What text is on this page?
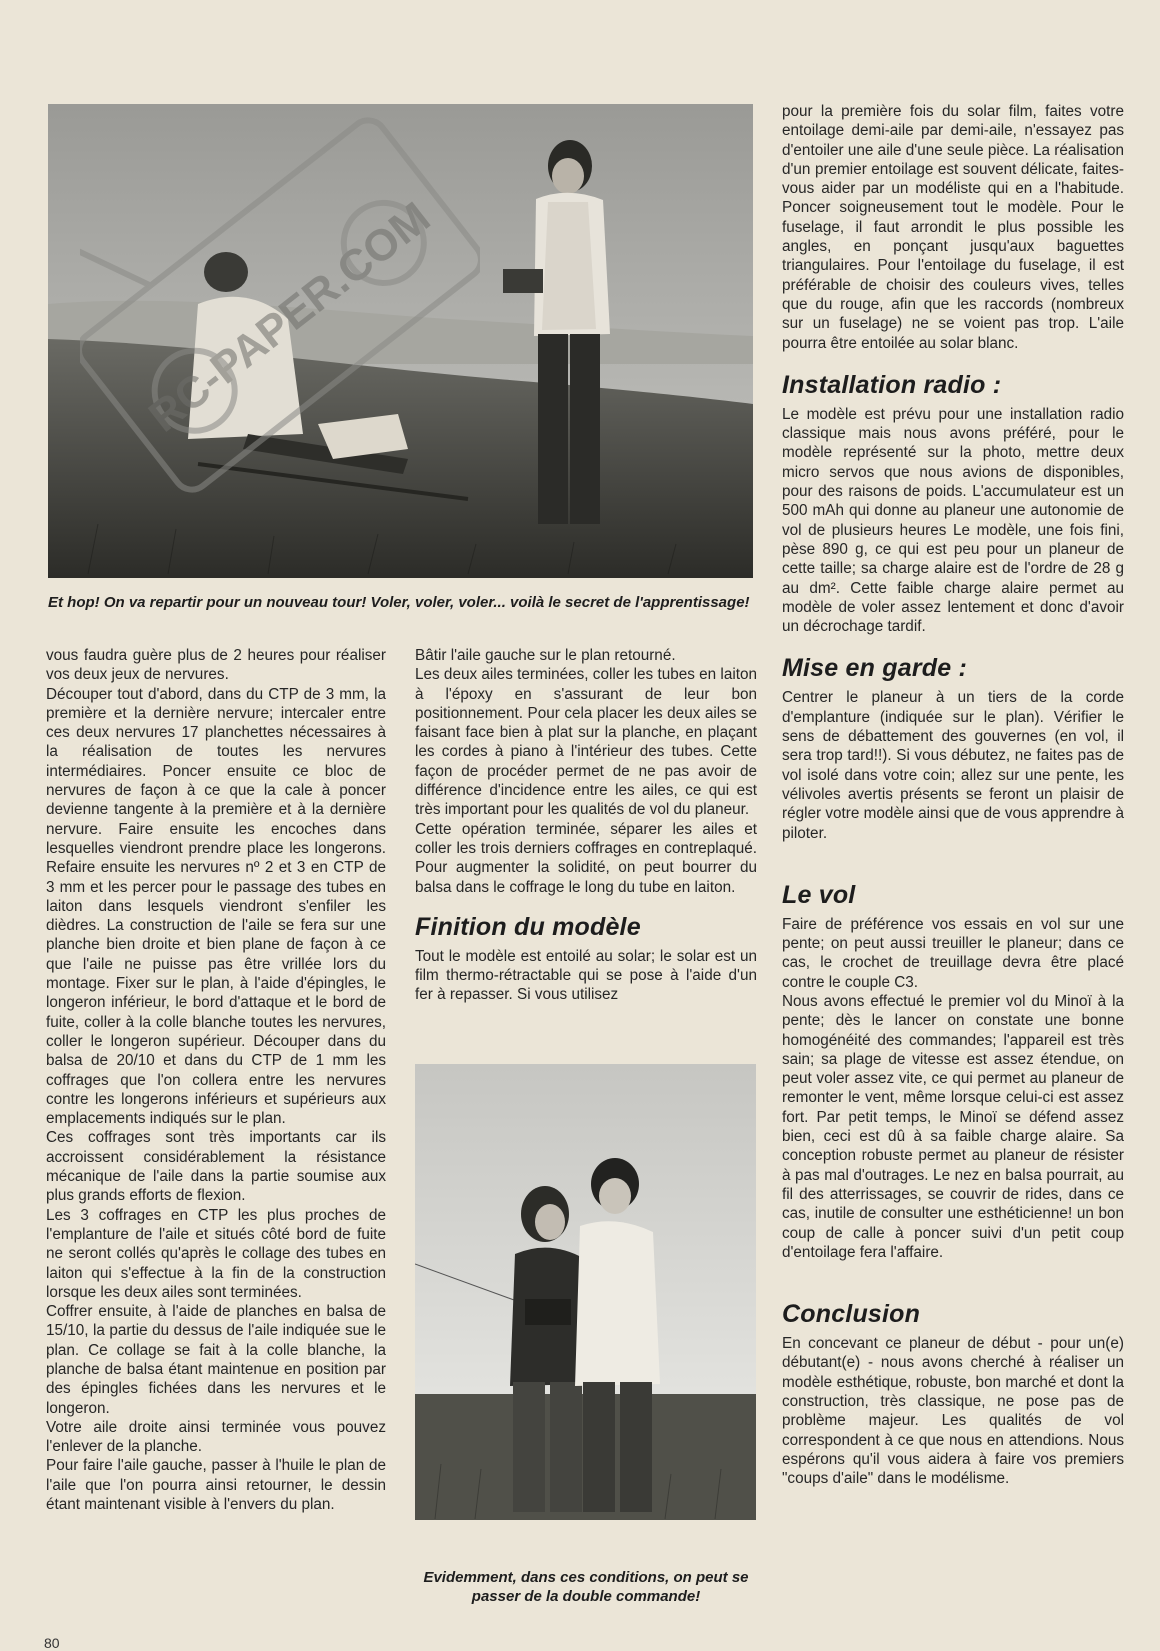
RC-PAPER.COM
Et hop! On va repartir pour un nouveau tour! Voler, voler, voler... voilà le secret de l'apprentissage!

vous faudra guère plus de 2 heures pour réaliser vos deux jeux de nervures.

Découper tout d'abord, dans du CTP de 3 mm, la première et la dernière nervure; intercaler entre ces deux nervures 17 planchettes nécessaires à la réalisation de toutes les nervures intermédiaires. Poncer ensuite ce bloc de nervures de façon à ce que la cale à poncer devienne tangente à la première et à la dernière nervure. Faire ensuite les encoches dans lesquelles viendront prendre place les longerons. Refaire ensuite les nervures nº 2 et 3 en CTP de 3 mm et les percer pour le passage des tubes en laiton dans lesquels viendront s'enfiler les dièdres. La construction de l'aile se fera sur une planche bien droite et bien plane de façon à ce que l'aile ne puisse pas être vrillée lors du montage. Fixer sur le plan, à l'aide d'épingles, le longeron inférieur, le bord d'attaque et le bord de fuite, coller à la colle blanche toutes les nervures, coller le longeron supérieur. Découper dans du balsa de 20/10 et dans du CTP de 1 mm les coffrages que l'on collera entre les nervures contre les longerons inférieurs et supérieurs aux emplacements indiqués sur le plan.

Ces coffrages sont très importants car ils accroissent considérablement la résistance mécanique de l'aile dans la partie soumise aux plus grands efforts de flexion.

Les 3 coffrages en CTP les plus proches de l'emplanture de l'aile et situés côté bord de fuite ne seront collés qu'après le collage des tubes en laiton qui s'effectue à la fin de la construction lorsque les deux ailes sont terminées.

Coffrer ensuite, à l'aide de planches en balsa de 15/10, la partie du dessus de l'aile indiquée sue le plan. Ce collage se fait à la colle blanche, la planche de balsa étant maintenue en position par des épingles fichées dans les nervures et le longeron.

Votre aile droite ainsi terminée vous pouvez l'enlever de la planche.

Pour faire l'aile gauche, passer à l'huile le plan de l'aile que l'on pourra ainsi retourner, le dessin étant maintenant visible à l'envers du plan.

Bâtir l'aile gauche sur le plan retourné.

Les deux ailes terminées, coller les tubes en laiton à l'époxy en s'assurant de leur bon positionnement. Pour cela placer les deux ailes se faisant face bien à plat sur la planche, en plaçant les cordes à piano à l'intérieur des tubes. Cette façon de procéder permet de ne pas avoir de différence d'incidence entre les ailes, ce qui est très important pour les qualités de vol du planeur.

Cette opération terminée, séparer les ailes et coller les trois derniers coffrages en contreplaqué. Pour augmenter la solidité, on peut bourrer du balsa dans le coffrage le long du tube en laiton.

Finition du modèle

Tout le modèle est entoilé au solar; le solar est un film thermo-rétractable qui se pose à l'aide d'un fer à repasser. Si vous utilisez

Evidemment, dans ces conditions, on peut se passer de la double commande!

pour la première fois du solar film, faites votre entoilage demi-aile par demi-aile, n'essayez pas d'entoiler une aile d'une seule pièce. La réalisation d'un premier entoilage est souvent délicate, faites-vous aider par un modéliste qui en a l'habitude. Poncer soigneusement tout le modèle. Pour le fuselage, il faut arrondit le plus possible les angles, en ponçant jusqu'aux baguettes triangulaires. Pour l'entoilage du fuselage, il est préférable de choisir des couleurs vives, telles que du rouge, afin que les raccords (nombreux sur un fuselage) ne se voient pas trop. L'aile pourra être entoilée au solar blanc.

Installation radio :

Le modèle est prévu pour une installation radio classique mais nous avons préféré, pour le modèle représenté sur la photo, mettre deux micro servos que nous avions de disponibles, pour des raisons de poids. L'accumulateur est un 500 mAh qui donne au planeur une autonomie de vol de plusieurs heures Le modèle, une fois fini, pèse 890 g, ce qui est peu pour un planeur de cette taille; sa charge alaire est de l'ordre de 28 g au dm². Cette faible charge alaire permet au modèle de voler assez lentement et donc d'avoir un décrochage tardif.

Mise en garde :

Centrer le planeur à un tiers de la corde d'emplanture (indiquée sur le plan). Vérifier le sens de débattement des gouvernes (en vol, il sera trop tard!!). Si vous débutez, ne faites pas de vol isolé dans votre coin; allez sur une pente, les vélivoles avertis présents se feront un plaisir de régler votre modèle ainsi que de vous apprendre à piloter.

Le vol

Faire de préférence vos essais en vol sur une pente; on peut aussi treuiller le planeur; dans ce cas, le crochet de treuillage devra être placé contre le couple C3.

Nous avons effectué le premier vol du Minoï à la pente; dès le lancer on constate une bonne homogénéité des commandes; l'appareil est très sain; sa plage de vitesse est assez étendue, on peut voler assez vite, ce qui permet au planeur de remonter le vent, même lorsque celui-ci est assez fort. Par petit temps, le Minoï se défend assez bien, ceci est dû à sa faible charge alaire. Sa conception robuste permet au planeur de résister à pas mal d'outrages. Le nez en balsa pourrait, au fil des atterrissages, se couvrir de rides, dans ce cas, inutile de consulter une esthéticienne! un bon coup de calle à poncer suivi d'un petit coup d'entoilage fera l'affaire.

Conclusion

En concevant ce planeur de début - pour un(e) débutant(e) - nous avons cherché à réaliser un modèle esthétique, robuste, bon marché et dont la construction, très classique, ne pose pas de problème majeur. Les qualités de vol correspondent à ce que nous en attendions. Nous espérons qu'il vous aidera à faire vos premiers "coups d'aile" dans le modélisme.

80
